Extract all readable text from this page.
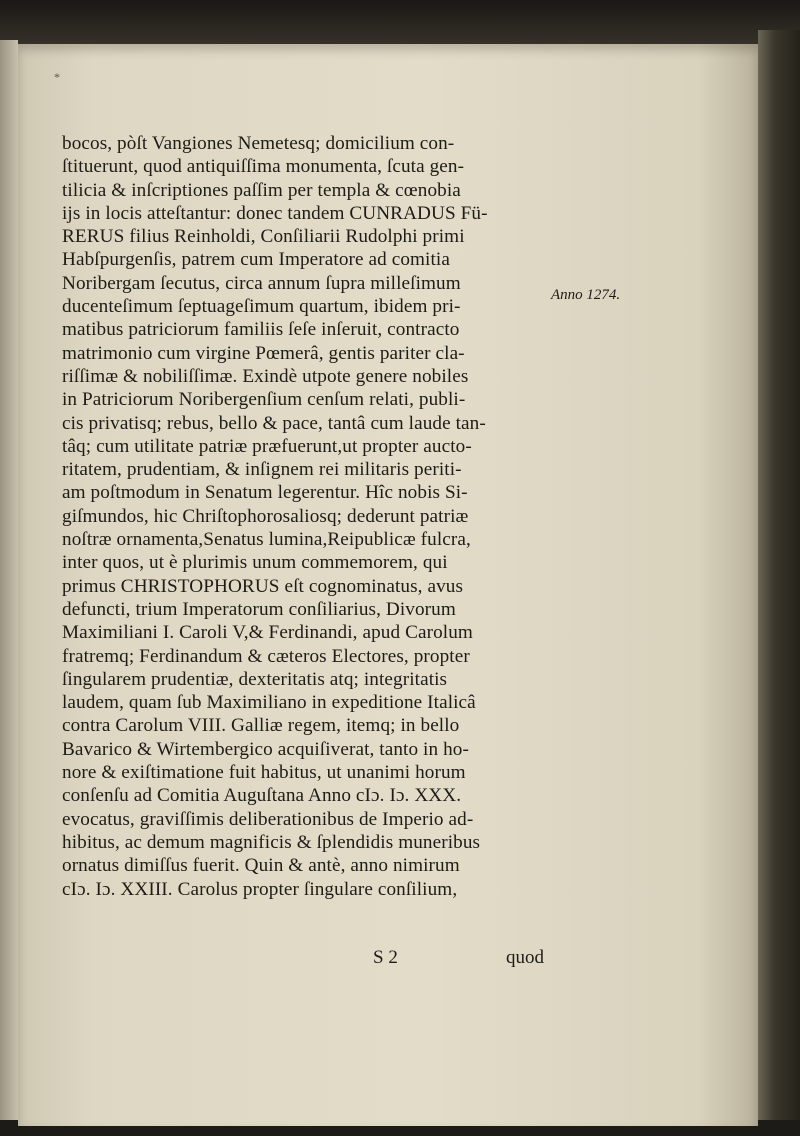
*
bocos, pòſt Vangiones Nemetesq; domicilium con-
ſtituerunt, quod antiquiſſima monumenta, ſcuta gen-
tilicia & inſcriptiones paſſim per templa & cœnobia
ijs in locis atteſtantur: donec tandem CUNRADUS Fü-
RERUS filius Reinholdi, Conſiliarii Rudolphi primi
Habſpurgenſis, patrem cum Imperatore ad comitia
Noribergam ſecutus, circa annum ſupra milleſimum
ducenteſimum ſeptuageſimum quartum, ibidem pri-
matibus patriciorum familiis ſeſe inſeruit, contracto
matrimonio cum virgine Pœmerâ, gentis pariter cla-
riſſimæ & nobiliſſimæ. Exindè utpote genere nobiles
in Patriciorum Noribergenſium cenſum relati, publi-
cis privatisq; rebus, bello & pace, tantâ cum laude tan-
tâq; cum utilitate patriæ præfuerunt,ut propter aucto-
ritatem, prudentiam, & inſignem rei militaris periti-
am poſtmodum in Senatum legerentur. Hîc nobis Si-
giſmundos, hic Chriſtophorosaliosq; dederunt patriæ
noſtræ ornamenta,Senatus lumina,Reipublicæ fulcra,
inter quos, ut è plurimis unum commemorem, qui
primus CHRISTOPHORUS eſt cognominatus, avus
defuncti, trium Imperatorum conſiliarius, Divorum
Maximiliani I. Caroli V,& Ferdinandi, apud Carolum
fratremq; Ferdinandum & cæteros Electores, propter
ſingularem prudentiæ, dexteritatis atq; integritatis
laudem, quam ſub Maximiliano in expeditione Italicâ
contra Carolum VIII. Galliæ regem, itemq; in bello
Bavarico & Wirtembergico acquiſiverat, tanto in ho-
nore & exiſtimatione fuit habitus, ut unanimi horum
conſenſu ad Comitia Auguſtana Anno cIɔ. Iɔ. XXX.
evocatus, graviſſimis deliberationibus de Imperio ad-
hibitus, ac demum magnificis & ſplendidis muneribus
ornatus dimiſſus fuerit. Quin & antè, anno nimirum
cIɔ. Iɔ. XXIII. Carolus propter ſingulare conſilium,
Anno 1274.
S 2	quod
